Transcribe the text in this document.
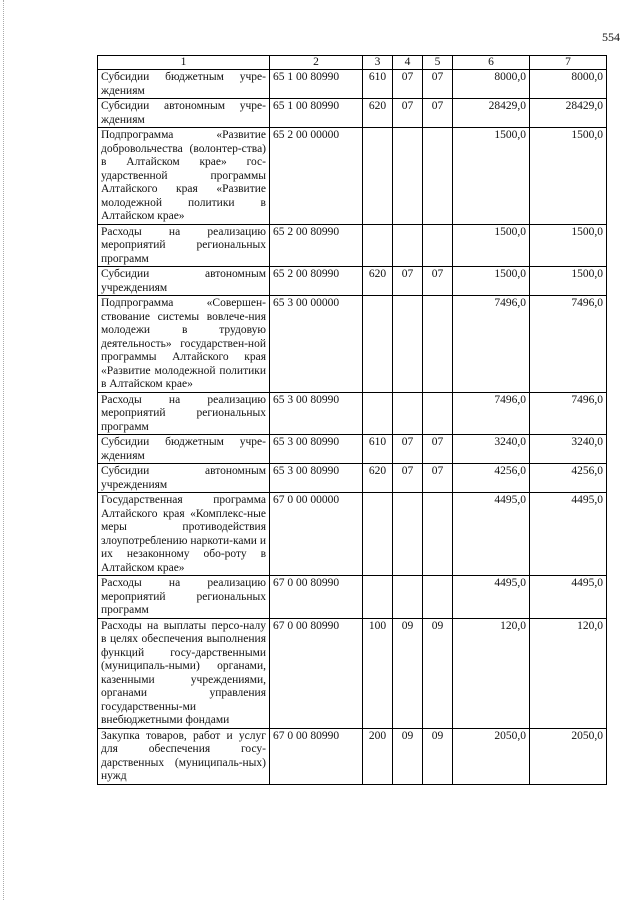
554
1	2	3	4	5	6	7
Субсидии бюджетным учре-ждениям	65 1 00 80990	610	07	07	8000,0	8000,0
Субсидии автономным учре-ждениям	65 1 00 80990	620	07	07	28429,0	28429,0
Подпрограмма «Развитие добровольчества (волонтер-ства) в Алтайском крае» гос-ударственной программы Алтайского края «Развитие молодежной политики в Алтайском крае»	65 2 00 00000				1500,0	1500,0
Расходы на реализацию мероприятий региональных программ	65 2 00 80990				1500,0	1500,0
Субсидии автономным учреждениям	65 2 00 80990	620	07	07	1500,0	1500,0
Подпрограмма «Совершен-ствование системы вовлече-ния молодежи в трудовую деятельность» государствен-ной программы Алтайского края «Развитие молодежной политики в Алтайском крае»	65 3 00 00000				7496,0	7496,0
Расходы на реализацию мероприятий региональных программ	65 3 00 80990				7496,0	7496,0
Субсидии бюджетным учре-ждениям	65 3 00 80990	610	07	07	3240,0	3240,0
Субсидии автономным учреждениям	65 3 00 80990	620	07	07	4256,0	4256,0
Государственная программа Алтайского края «Комплекс-ные меры противодействия злоупотреблению наркоти-ками и их незаконному обо-роту в Алтайском крае»	67 0 00 00000				4495,0	4495,0
Расходы на реализацию мероприятий региональных программ	67 0 00 80990				4495,0	4495,0
Расходы на выплаты персо-налу в целях обеспечения выполнения функций госу-дарственными (муниципаль-ными) органами, казенными учреждениями, органами управления государственны-ми внебюджетными фондами	67 0 00 80990	100	09	09	120,0	120,0
Закупка товаров, работ и услуг для обеспечения госу-дарственных (муниципаль-ных) нужд	67 0 00 80990	200	09	09	2050,0	2050,0
